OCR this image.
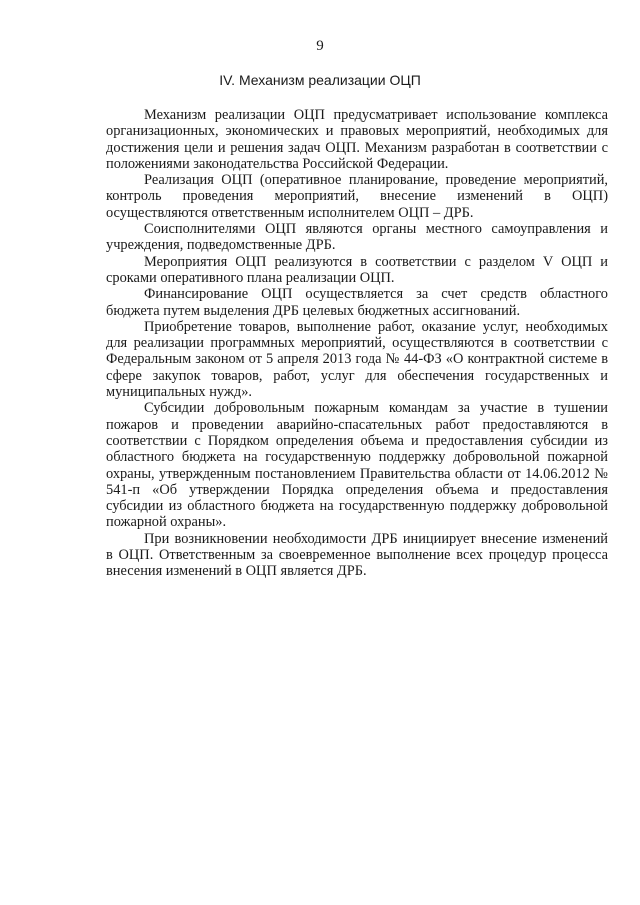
9
IV. Механизм реализации ОЦП

Механизм реализации ОЦП предусматривает использование комплекса организационных, экономических и правовых мероприятий, необходимых для достижения цели и решения задач ОЦП. Механизм разработан в соответствии с положениями законодательства Российской Федерации.

Реализация ОЦП (оперативное планирование, проведение мероприятий, контроль проведения мероприятий, внесение изменений в ОЦП) осуществляются ответственным исполнителем ОЦП – ДРБ.

Соисполнителями ОЦП являются органы местного самоуправления и учреждения, подведомственные ДРБ.

Мероприятия ОЦП реализуются в соответствии с разделом V ОЦП и сроками оперативного плана реализации ОЦП.

Финансирование ОЦП осуществляется за счет средств областного бюджета путем выделения ДРБ целевых бюджетных ассигнований.

Приобретение товаров, выполнение работ, оказание услуг, необходимых для реализации программных мероприятий, осуществляются в соответствии с Федеральным законом от 5 апреля 2013 года № 44-ФЗ «О контрактной системе в сфере закупок товаров, работ, услуг для обеспечения государственных и муниципальных нужд».

Субсидии добровольным пожарным командам за участие в тушении пожаров и проведении аварийно-спасательных работ предоставляются в соответствии с Порядком определения объема и предоставления субсидии из областного бюджета на государственную поддержку добровольной пожарной охраны, утвержденным постановлением Правительства области от 14.06.2012 № 541-п «Об утверждении Порядка определения объема и предоставления субсидии из областного бюджета на государственную поддержку добровольной пожарной охраны».

При возникновении необходимости ДРБ инициирует внесение изменений в ОЦП. Ответственным за своевременное выполнение всех процедур процесса внесения изменений в ОЦП является ДРБ.
